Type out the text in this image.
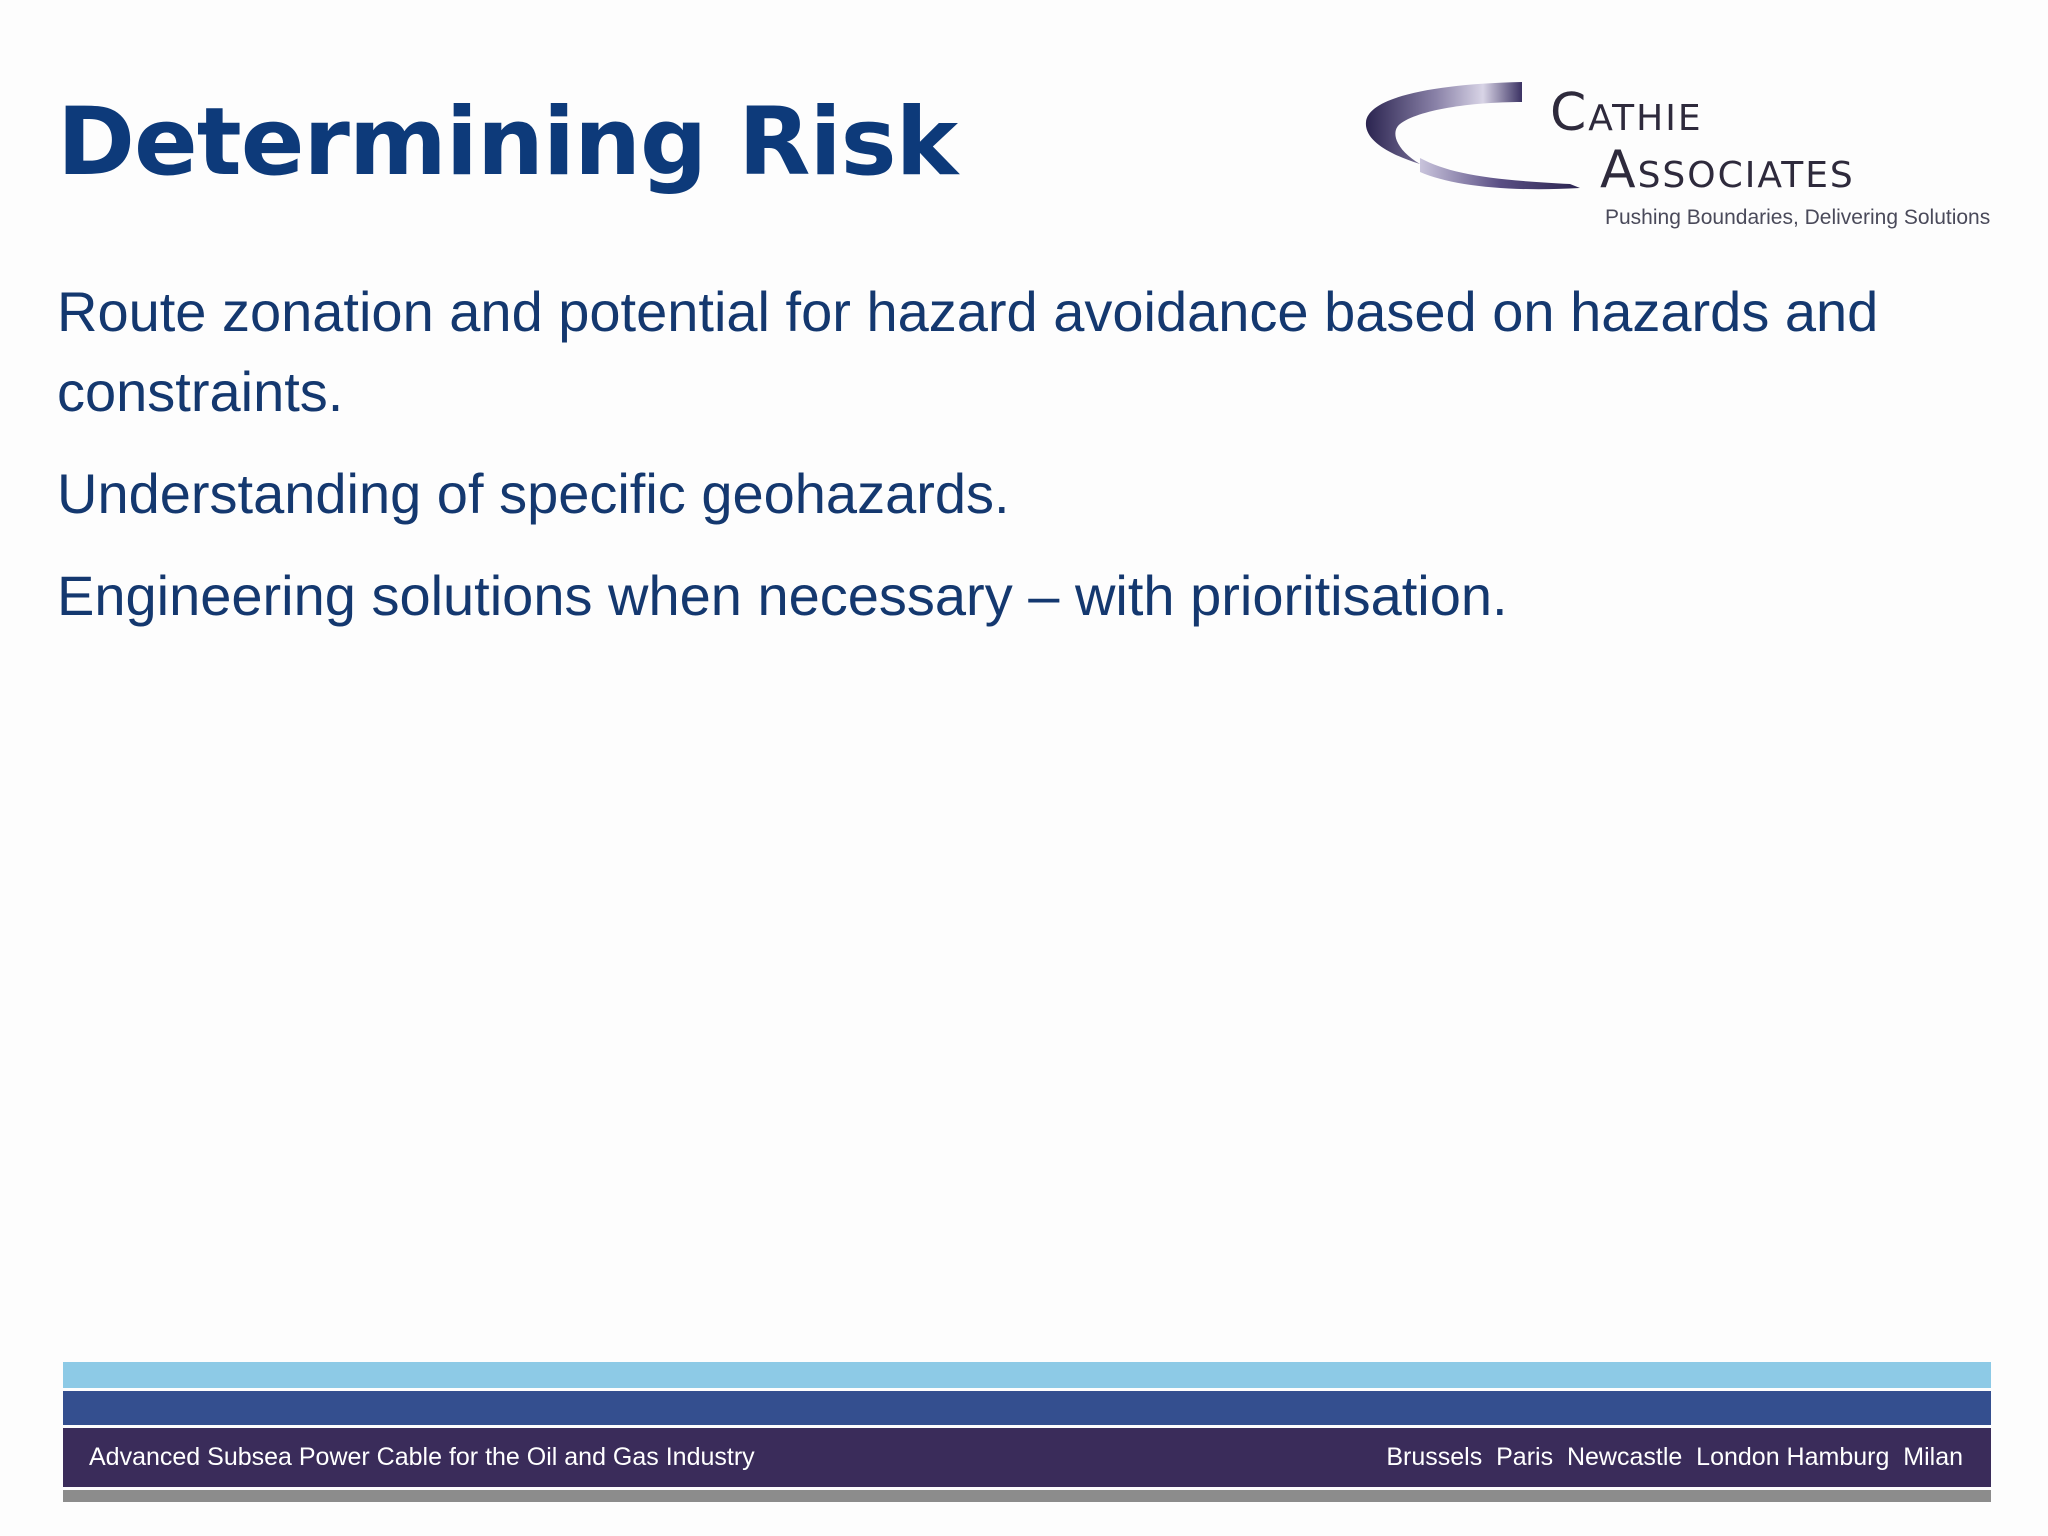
Determining Risk	Cathie
Associates
Pushing Boundaries, Delivering Solutions

Route zonation and potential for hazard avoidance based on hazards and constraints.

Understanding of specific geohazards.

Engineering solutions when necessary – with prioritisation.

Advanced Subsea Power Cable for the Oil and Gas Industry	Brussels  Paris  Newcastle  London Hamburg  Milan
